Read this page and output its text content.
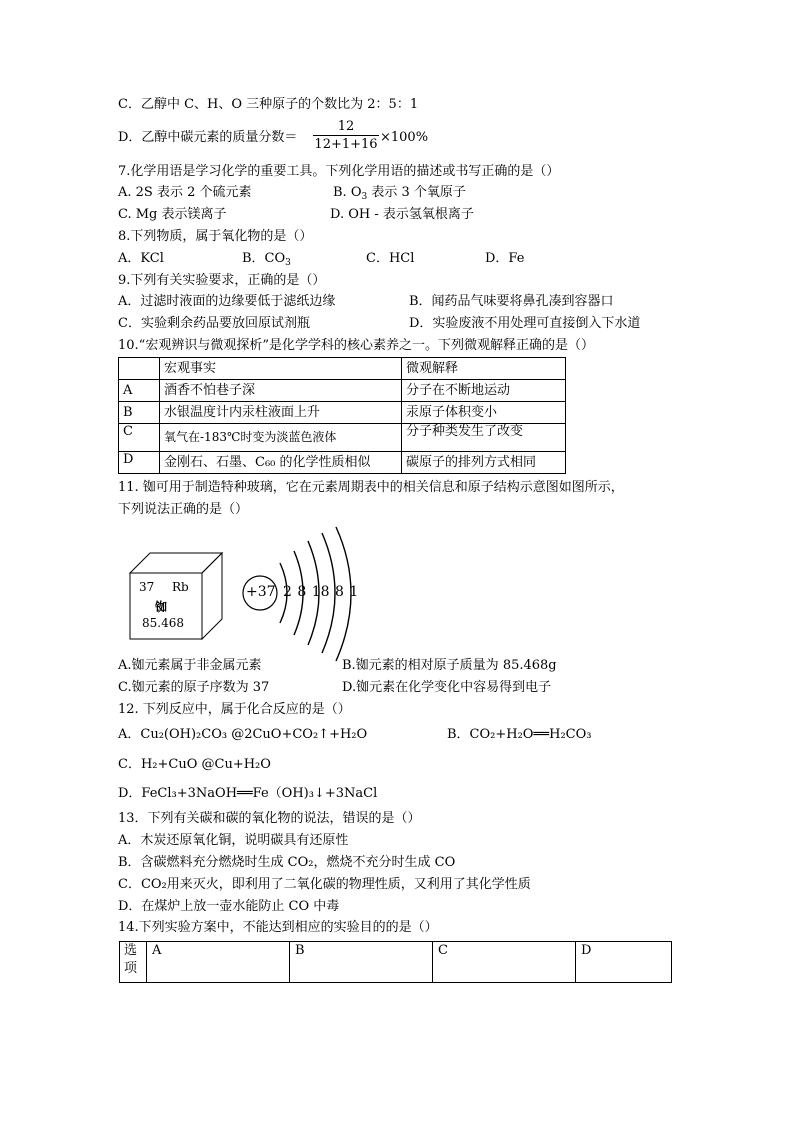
C．乙醇中 C、H、O 三种原子的个数比为 2：5：1
D．乙醇中碳元素的质量分数＝
12
12+1+16 ×100%
7.化学用语是学习化学的重要工具。下列化学用语的描述或书写正确的是（）
A. 2S 表示 2 个硫元素	B. $O_3$ 表示 3 个氧原子
C. Mg 表示镁离子	D. OH - 表示氢氧根离子
8.下列物质，属于氧化物的是（）
A．KCl	B．$CO_3$	C．HCl	D．Fe
9.下列有关实验要求，正确的是（）
A．过滤时液面的边缘要低于滤纸边缘	B．闻药品气味要将鼻孔凑到容器口
C．实验剩余药品要放回原试剂瓶	D．实验废液不用处理可直接倒入下水道
10.“宏观辨识与微观探析”是化学学科的核心素养之一。下列微观解释正确的是（）
	宏观事实	微观解释
A	酒香不怕巷子深	分子在不断地运动
B	水银温度计内汞柱液面上升	汞原子体积变小
C	氧气在-183℃时变为淡蓝色液体	分子种类发生了改变
D	金刚石、石墨、C₆₀ 的化学性质相似	碳原子的排列方式相同
11. 铷可用于制造特种玻璃，它在元素周期表中的相关信息和原子结构示意图如图所示，
下列说法正确的是（）
37 Rb
铷
85.468
+37 2 8 18 8 1
A.铷元素属于非金属元素	B.铷元素的相对原子质量为 85.468g
C.铷元素的原子序数为 37	D.铷元素在化学变化中容易得到电子
12. 下列反应中，属于化合反应的是（）
A．Cu₂(OH)₂CO₃ @2CuO+CO₂↑+H₂O	B．CO₂+H₂O══H₂CO₃
C．H₂+CuO @Cu+H₂O
D．FeCl₃+3NaOH══Fe（OH)₃↓+3NaCl
13．下列有关碳和碳的氧化物的说法，错误的是（）
A．木炭还原氧化铜，说明碳具有还原性
B．含碳燃料充分燃烧时生成 CO₂，燃烧不充分时生成 CO
C．CO₂用来灭火，即利用了二氧化碳的物理性质，又利用了其化学性质
D．在煤炉上放一壶水能防止 CO 中毒
14.下列实验方案中，不能达到相应的实验目的的是（）
选项	A	B	C	D
